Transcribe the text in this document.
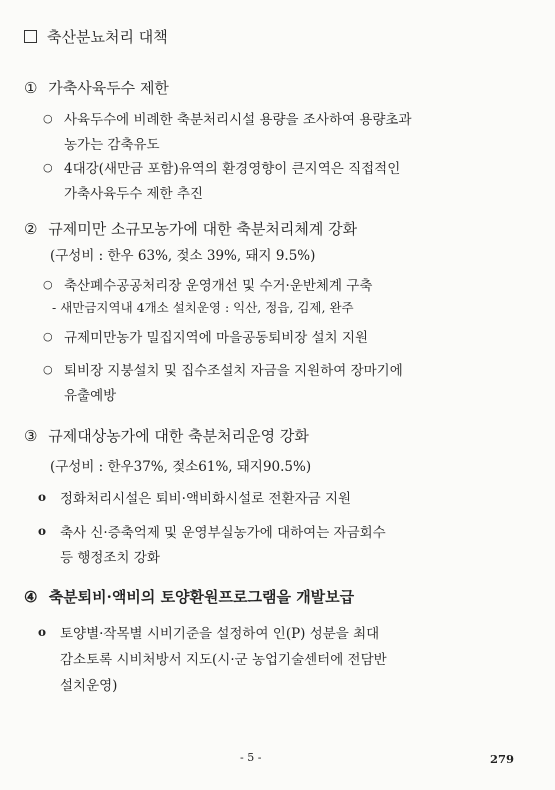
축산분뇨처리 대책
① 가축사육두수 제한
○ 사육두수에 비례한 축분처리시설 용량을 조사하여 용량초과
농가는 감축유도
○ 4대강(새만금 포함)유역의 환경영향이 큰지역은 직접적인
가축사육두수 제한 추진
② 규제미만 소규모농가에 대한 축분처리체계 강화
(구성비 : 한우 63%, 젖소 39%, 돼지 9.5%)
○ 축산폐수공공처리장 운영개선 및 수거·운반체계 구축
- 새만금지역내 4개소 설치운영 : 익산, 정읍, 김제, 완주
○ 규제미만농가 밀집지역에 마을공동퇴비장 설치 지원
○ 퇴비장 지붕설치 및 집수조설치 자금을 지원하여 장마기에
유출예방
③ 규제대상농가에 대한 축분처리운영 강화
(구성비 : 한우37%, 젖소61%, 돼지90.5%)
o 정화처리시설은 퇴비·액비화시설로 전환자금 지원
o 축사 신·증축억제 및 운영부실농가에 대하여는 자금회수
등 행정조치 강화
④ 축분퇴비·액비의 토양환원프로그램을 개발보급
o 토양별·작목별 시비기준을 설정하여 인(P) 성분을 최대
감소토록 시비처방서 지도(시·군 농업기술센터에 전담반
설치운영)
- 5 -	279
